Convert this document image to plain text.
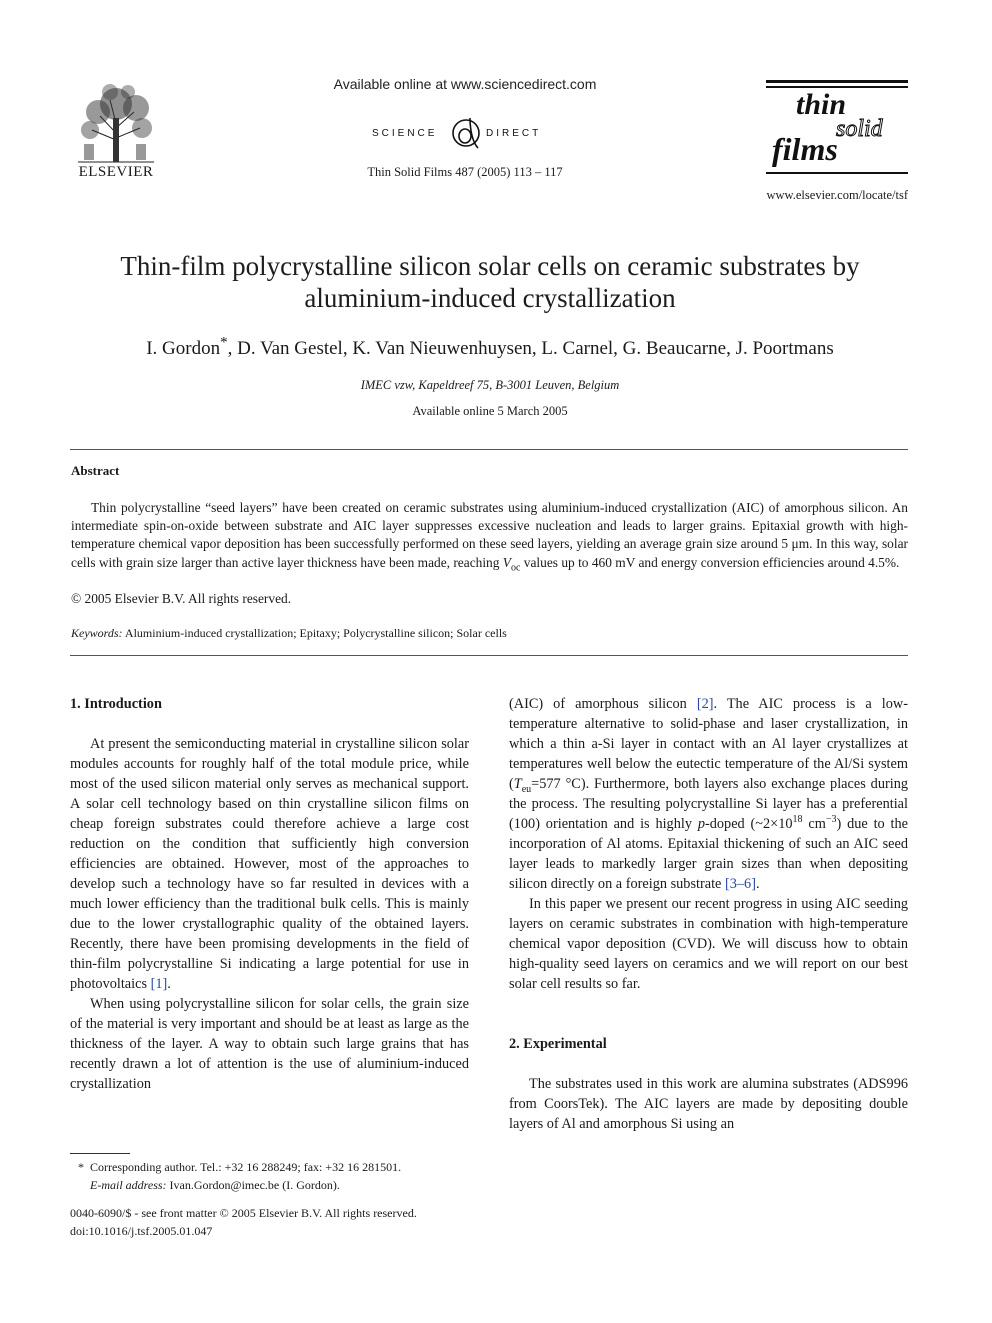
ELSEVIER
Available online at www.sciencedirect.com
SCIENCE	DIRECT
Thin Solid Films 487 (2005) 113 – 117
thin
solid
films
www.elsevier.com/locate/tsf
Thin-film polycrystalline silicon solar cells on ceramic substrates by
aluminium-induced crystallization
I. Gordon*, D. Van Gestel, K. Van Nieuwenhuysen, L. Carnel, G. Beaucarne, J. Poortmans
IMEC vzw, Kapeldreef 75, B-3001 Leuven, Belgium
Available online 5 March 2005
Abstract

Thin polycrystalline “seed layers” have been created on ceramic substrates using aluminium-induced crystallization (AIC) of amorphous silicon. An intermediate spin-on-oxide between substrate and AIC layer suppresses excessive nucleation and leads to larger grains. Epitaxial growth with high-temperature chemical vapor deposition has been successfully performed on these seed layers, yielding an average grain size around 5 μm. In this way, solar cells with grain size larger than active layer thickness have been made, reaching $V_{oc}$ values up to 460 mV and energy conversion efficiencies around 4.5%.

© 2005 Elsevier B.V. All rights reserved.
Keywords: Aluminium-induced crystallization; Epitaxy; Polycrystalline silicon; Solar cells

1. Introduction

At present the semiconducting material in crystalline silicon solar modules accounts for roughly half of the total module price, while most of the used silicon material only serves as mechanical support. A solar cell technology based on thin crystalline silicon films on cheap foreign substrates could therefore achieve a large cost reduction on the condition that sufficiently high conversion efficiencies are obtained. However, most of the approaches to develop such a technology have so far resulted in devices with a much lower efficiency than the traditional bulk cells. This is mainly due to the lower crystallographic quality of the obtained layers. Recently, there have been promising developments in the field of thin-film polycrystalline Si indicating a large potential for use in photovoltaics [1].

When using polycrystalline silicon for solar cells, the grain size of the material is very important and should be at least as large as the thickness of the layer. A way to obtain such large grains that has recently drawn a lot of attention is the use of aluminium-induced crystallization

(AIC) of amorphous silicon [2]. The AIC process is a low-temperature alternative to solid-phase and laser crystallization, in which a thin a-Si layer in contact with an Al layer crystallizes at temperatures well below the eutectic temperature of the Al/Si system ($T_{eu}=577$ °C). Furthermore, both layers also exchange places during the process. The resulting polycrystalline Si layer has a preferential (100) orientation and is highly p-doped ($\sim 2\times 10^{18}$ $cm^{-3}$) due to the incorporation of Al atoms. Epitaxial thickening of such an AIC seed layer leads to markedly larger grain sizes than when depositing silicon directly on a foreign substrate [3–6].

In this paper we present our recent progress in using AIC seeding layers on ceramic substrates in combination with high-temperature chemical vapor deposition (CVD). We will discuss how to obtain high-quality seed layers on ceramics and we will report on our best solar cell results so far.

2. Experimental

The substrates used in this work are alumina substrates (ADS996 from CoorsTek). The AIC layers are made by depositing double layers of Al and amorphous Si using an

* Corresponding author. Tel.: +32 16 288249; fax: +32 16 281501.
E-mail address: Ivan.Gordon@imec.be (I. Gordon).
0040-6090/$ - see front matter © 2005 Elsevier B.V. All rights reserved.
doi:10.1016/j.tsf.2005.01.047
